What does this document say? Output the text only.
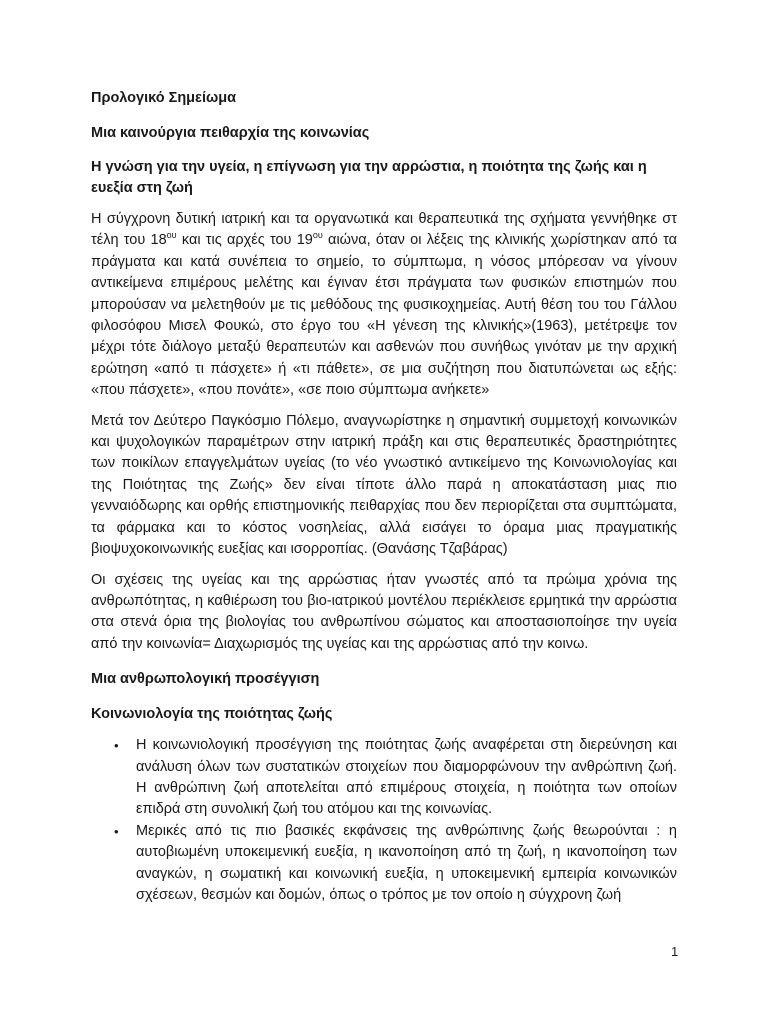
Προλογικό Σημείωμα

Μια καινούργια πειθαρχία της κοινωνίας

Η γνώση για την υγεία, η επίγνωση για την αρρώστια, η ποιότητα της ζωής και η ευεξία στη ζωή

Η σύγχρονη δυτική ιατρική και τα οργανωτικά και θεραπευτικά της σχήματα γεννήθηκε στ τέλη του $18^{o\upsilon}$ και τις αρχές του $19^{o\upsilon}$ αιώνα, όταν οι λέξεις της κλινικής χωρίστηκαν από τα πράγματα και κατά συνέπεια το σημείο, το σύμπτωμα, η νόσος μπόρεσαν να γίνουν αντικείμενα επιμέρους μελέτης και έγιναν έτσι πράγματα των φυσικών επιστημών που μπορούσαν να μελετηθούν με τις μεθόδους της φυσικοχημείας. Αυτή θέση του του Γάλλου φιλοσόφου Μισελ Φουκώ, στο έργο του «Η γένεση της κλινικής»(1963), μετέτρεψε τον μέχρι τότε διάλογο μεταξύ θεραπευτών και ασθενών που συνήθως γινόταν με την αρχική ερώτηση «από τι πάσχετε» ή «τι πάθετε», σε μια συζήτηση που διατυπώνεται ως εξής: «που πάσχετε», «που πονάτε», «σε ποιο σύμπτωμα ανήκετε»

Μετά τον Δεύτερο Παγκόσμιο Πόλεμο, αναγνωρίστηκε η σημαντική συμμετοχή κοινωνικών και ψυχολογικών παραμέτρων στην ιατρική πράξη και στις θεραπευτικές δραστηριότητες των ποικίλων επαγγελμάτων υγείας (το νέο γνωστικό αντικείμενο της Κοινωνιολογίας και της Ποιότητας της Ζωής» δεν είναι τίποτε άλλο παρά η αποκατάσταση μιας πιο γενναιόδωρης και ορθής επιστημονικής πειθαρχίας που δεν περιορίζεται στα συμπτώματα, τα φάρμακα και το κόστος νοσηλείας, αλλά εισάγει το όραμα μιας πραγματικής βιοψυχοκοινωνικής ευεξίας και ισορροπίας. (Θανάσης Τζαβάρας)

Οι σχέσεις της υγείας και της αρρώστιας ήταν γνωστές από τα πρώιμα χρόνια της ανθρωπότητας, η καθιέρωση του βιο-ιατρικού μοντέλου περιέκλεισε ερμητικά την αρρώστια στα στενά όρια της βιολογίας του ανθρωπίνου σώματος και αποστασιοποίησε την υγεία από την κοινωνία= Διαχωρισμός της υγείας και της αρρώστιας από την κοινω.

Μια ανθρωπολογική προσέγγιση

Κοινωνιολογία της ποιότητας ζωής

• Η κοινωνιολογική προσέγγιση της ποιότητας ζωής αναφέρεται στη διερεύνηση και ανάλυση όλων των συστατικών στοιχείων που διαμορφώνουν την ανθρώπινη ζωή. Η ανθρώπινη ζωή αποτελείται από επιμέρους στοιχεία, η ποιότητα των οποίων επιδρά στη συνολική ζωή του ατόμου και της κοινωνίας.
• Μερικές από τις πιο βασικές εκφάνσεις της ανθρώπινης ζωής θεωρούνται : η αυτοβιωμένη υποκειμενική ευεξία, η ικανοποίηση από τη ζωή, η ικανοποίηση των αναγκών, η σωματική και κοινωνική ευεξία, η υποκειμενική εμπειρία κοινωνικών σχέσεων, θεσμών και δομών, όπως ο τρόπος με τον οποίο η σύγχρονη ζωή
1
